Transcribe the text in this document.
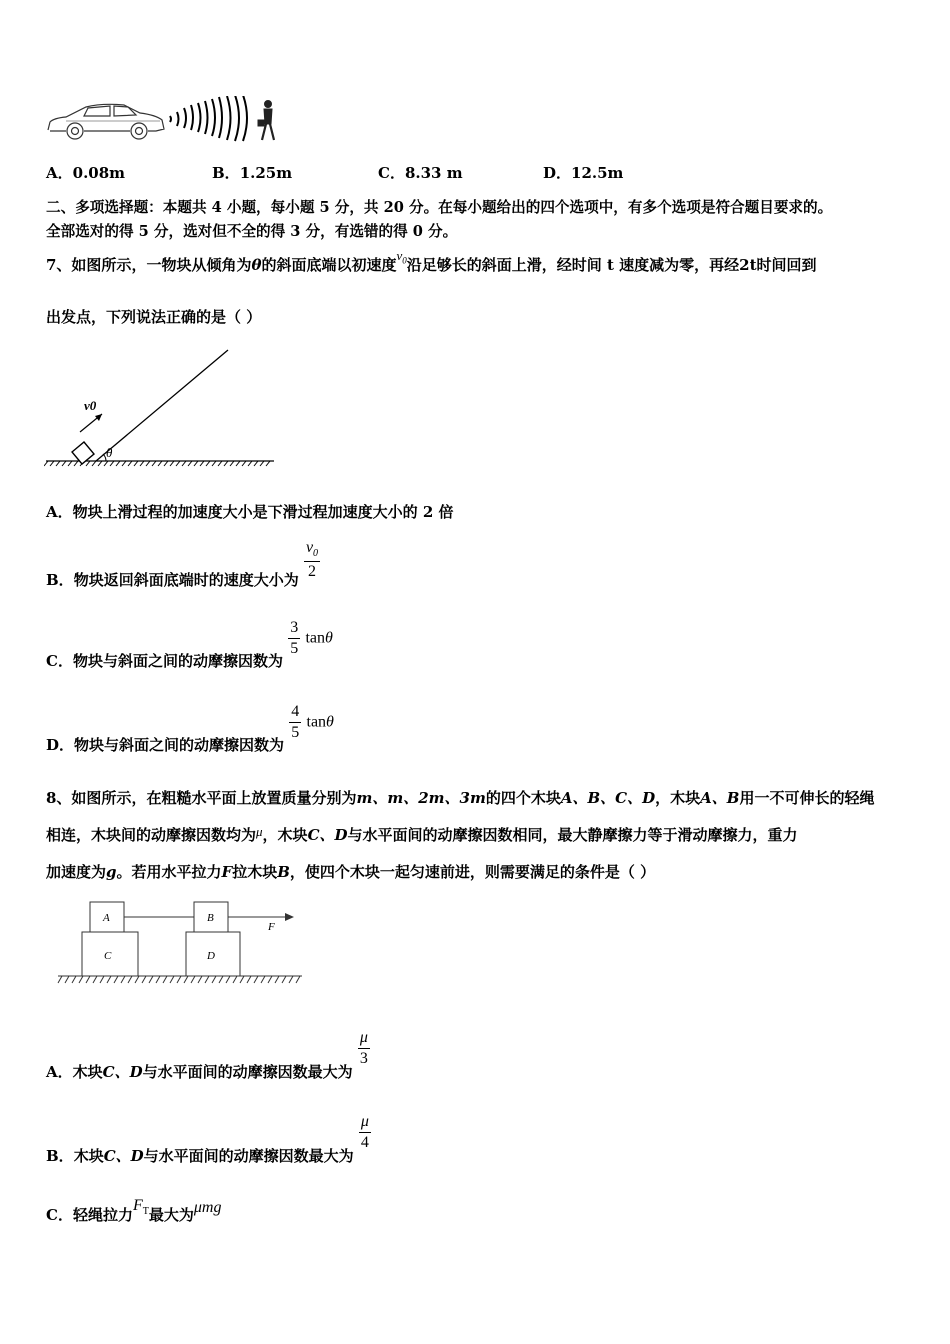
A．0.08m	B．1.25m	C．8.33 m	D．12.5m
二、多项选择题：本题共 4 小题，每小题 5 分，共 20 分。在每小题给出的四个选项中，有多个选项是符合题目要求的。
全部选对的得 5 分，选对但不全的得 3 分，有选错的得 0 分。
7、如图所示，一物块从倾角为θ的斜面底端以初速度$v_0$沿足够长的斜面上滑，经时间 t 速度减为零，再经2t时间回到
出发点，下列说法正确的是（ ）
v0
θ
A．物块上滑过程的加速度大小是下滑过程加速度大小的 2 倍
B．物块返回斜面底端时的速度大小为 $\frac{v_0}{2}$
C．物块与斜面之间的动摩擦因数为
$\frac{3}{5}$ tanθ
D．物块与斜面之间的动摩擦因数为
$\frac{4}{5}$ tanθ
8、如图所示，在粗糙水平面上放置质量分别为m、m、2m、3m的四个木块A、B、C、D，木块A、B用一不可伸长的轻绳
相连，木块间的动摩擦因数均为μ，木块C、D与水平面间的动摩擦因数相同，最大静摩擦力等于滑动摩擦力，重力
加速度为g。若用水平拉力F拉木块B，使四个木块一起匀速前进，则需要满足的条件是（ ）
A	B
C	D
F
A．木块C、D与水平面间的动摩擦因数最大为
$\frac{\mu}{3}$
B．木块C、D与水平面间的动摩擦因数最大为
$\frac{\mu}{4}$
C．轻绳拉力$F_T$最大为μmg
